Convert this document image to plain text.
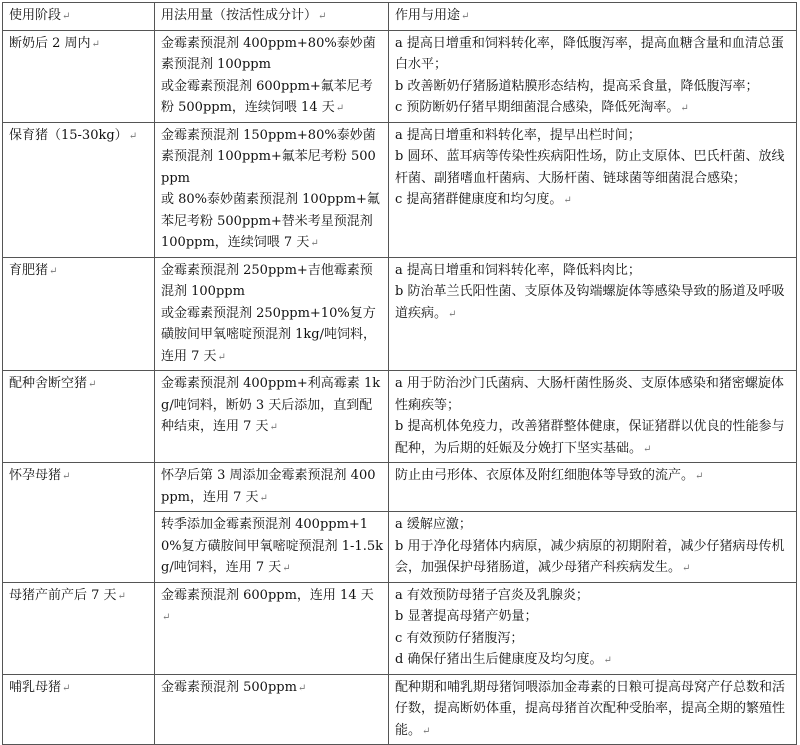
使用阶段↵	用法用量（按活性成分计）↵	作用与用途↵
断奶后 2 周内↵	金霉素预混剂 400ppm+80%泰妙菌素预混剂 100ppm
或金霉素预混剂 600ppm+氟苯尼考粉 500ppm，连续饲喂 14 天↵	a 提高日增重和饲料转化率，降低腹泻率，提高血糖含量和血清总蛋白水平；
b 改善断奶仔猪肠道粘膜形态结构，提高采食量，降低腹泻率；
c 预防断奶仔猪早期细菌混合感染，降低死淘率。↵

保育猪（15-30kg）↵	金霉素预混剂 150ppm+80%泰妙菌素预混剂 100ppm+氟苯尼考粉 500ppm
或 80%泰妙菌素预混剂 100ppm+氟苯尼考粉 500ppm+替米考星预混剂 100ppm，连续饲喂 7 天↵	a 提高日增重和料转化率，提早出栏时间；
b 圆环、蓝耳病等传染性疾病阳性场，防止支原体、巴氏杆菌、放线杆菌、副猪嗜血杆菌病、大肠杆菌、链球菌等细菌混合感染；
c 提高猪群健康度和均匀度。↵

育肥猪↵	金霉素预混剂 250ppm+吉他霉素预混剂 100ppm
或金霉素预混剂 250ppm+10%复方磺胺间甲氧嘧啶预混剂 1kg/吨饲料，连用 7 天↵	a 提高日增重和饲料转化率，降低料肉比；
b 防治革兰氏阳性菌、支原体及钩端螺旋体等感染导致的肠道及呼吸道疾病。↵

配种舍断空猪↵	金霉素预混剂 400ppm+利高霉素 1kg/吨饲料，断奶 3 天后添加，直到配种结束，连用 7 天↵	a 用于防治沙门氏菌病、大肠杆菌性肠炎、支原体感染和猪密螺旋体性痢疾等；
b 提高机体免疫力，改善猪群整体健康，保证猪群以优良的性能参与配种，为后期的妊娠及分娩打下坚实基础。↵

怀孕母猪↵	怀孕后第 3 周添加金霉素预混剂 400ppm，连用 7 天↵	防止由弓形体、衣原体及附红细胞体等导致的流产。↵

	转季添加金霉素预混剂 400ppm+10%复方磺胺间甲氧嘧啶预混剂 1-1.5kg/吨饲料，连用 7 天↵	a 缓解应激；
b 用于净化母猪体内病原，减少病原的初期附着，减少仔猪病母传机会，加强保护母猪肠道，减少母猪产科疾病发生。↵

母猪产前产后 7 天↵	金霉素预混剂 600ppm，连用 14 天↵	a 有效预防母猪子宫炎及乳腺炎；
b 显著提高母猪产奶量；
c 有效预防仔猪腹泻；
d 确保仔猪出生后健康度及均匀度。↵

哺乳母猪↵	金霉素预混剂 500ppm↵	配种期和哺乳期母猪饲喂添加金毒素的日粮可提高母窝产仔总数和活仔数，提高断奶体重，提高母猪首次配种受胎率，提高全期的繁殖性能。↵
